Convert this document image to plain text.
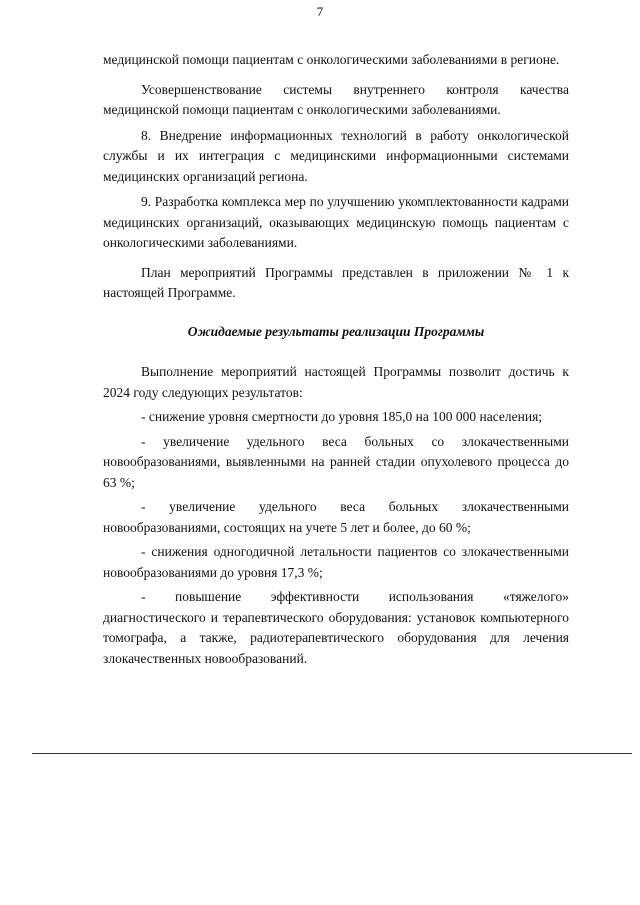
7

медицинской помощи пациентам с онкологическими заболеваниями в регионе.

Усовершенствование системы внутреннего контроля качества медицинской помощи пациентам с онкологическими заболеваниями.

8. Внедрение информационных технологий в работу онкологической службы и их интеграция с медицинскими информационными системами медицинских организаций региона.

9. Разработка комплекса мер по улучшению укомплектованности кадрами медицинских организаций, оказывающих медицинскую помощь пациентам с онкологическими заболеваниями.

План мероприятий Программы представлен в приложении № 1 к настоящей Программе.

Ожидаемые результаты реализации Программы

Выполнение мероприятий настоящей Программы позволит достичь к 2024 году следующих результатов:

- снижение уровня смертности до уровня 185,0 на 100 000 населения;

- увеличение удельного веса больных со злокачественными новообразованиями, выявленными на ранней стадии опухолевого процесса до 63 %;

- увеличение удельного веса больных злокачественными новообразованиями, состоящих на учете 5 лет и более, до 60 %;

- снижения одногодичной летальности пациентов со злокачественными новообразованиями до уровня 17,3 %;

- повышение эффективности использования «тяжелого» диагностического и терапевтического оборудования: установок компьютерного томографа, а также, радиотерапевтического оборудования для лечения злокачественных новообразований.
